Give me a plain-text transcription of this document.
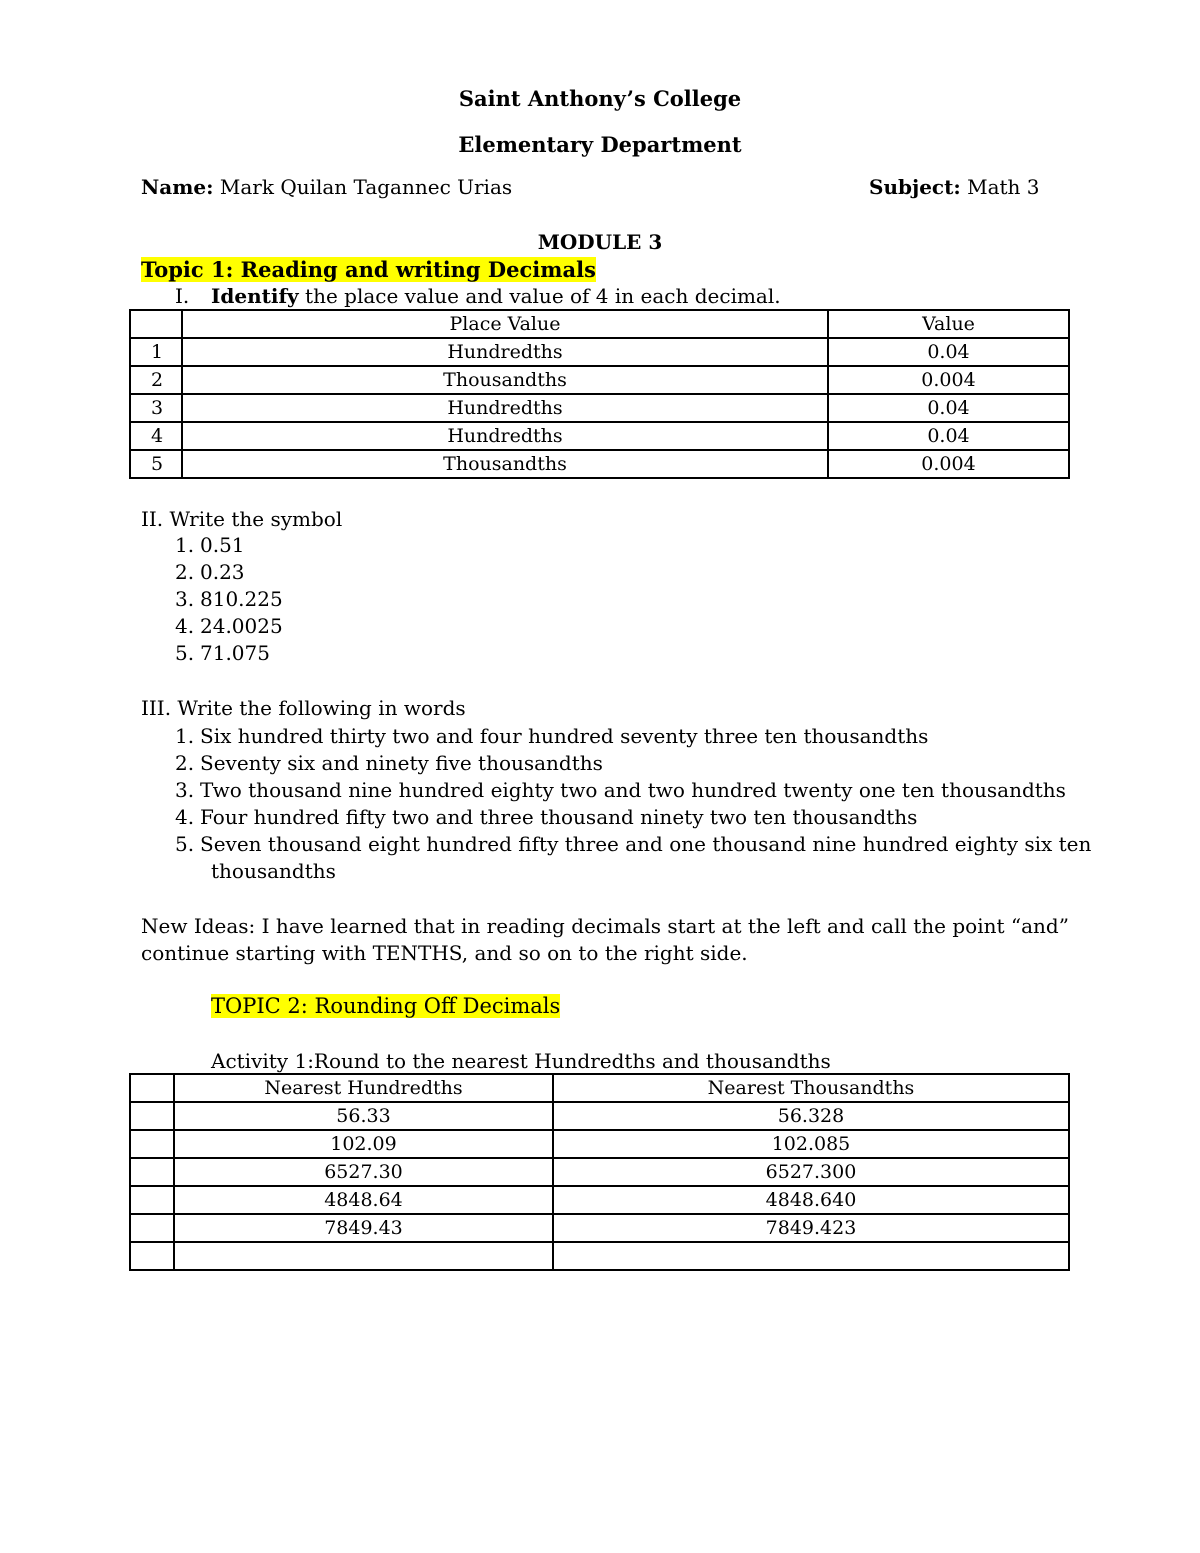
Saint Anthony’s College
Elementary Department
Name: Mark Quilan Tagannec Urias	Subject: Math 3
MODULE 3
Topic 1: Reading and writing Decimals
I. Identify the place value and value of 4 in each decimal.
	Place Value	Value
1	Hundredths	0.04
2	Thousandths	0.004
3	Hundredths	0.04
4	Hundredths	0.04
5	Thousandths	0.004
II. Write the symbol
1. 0.51
2. 0.23
3. 810.225
4. 24.0025
5. 71.075
III. Write the following in words
1. Six hundred thirty two and four hundred seventy three ten thousandths
2. Seventy six and ninety five thousandths
3. Two thousand nine hundred eighty two and two hundred twenty one ten thousandths
4. Four hundred fifty two and three thousand ninety two ten thousandths
5. Seven thousand eight hundred fifty three and one thousand nine hundred eighty six ten
thousandths
New Ideas: I have learned that in reading decimals start at the left and call the point “and”
continue starting with TENTHS, and so on to the right side.
TOPIC 2: Rounding Off Decimals
Activity 1:Round to the nearest Hundredths and thousandths
	Nearest Hundredths	Nearest Thousandths
	56.33	56.328
	102.09	102.085
	6527.30	6527.300
	4848.64	4848.640
	7849.43	7849.423
